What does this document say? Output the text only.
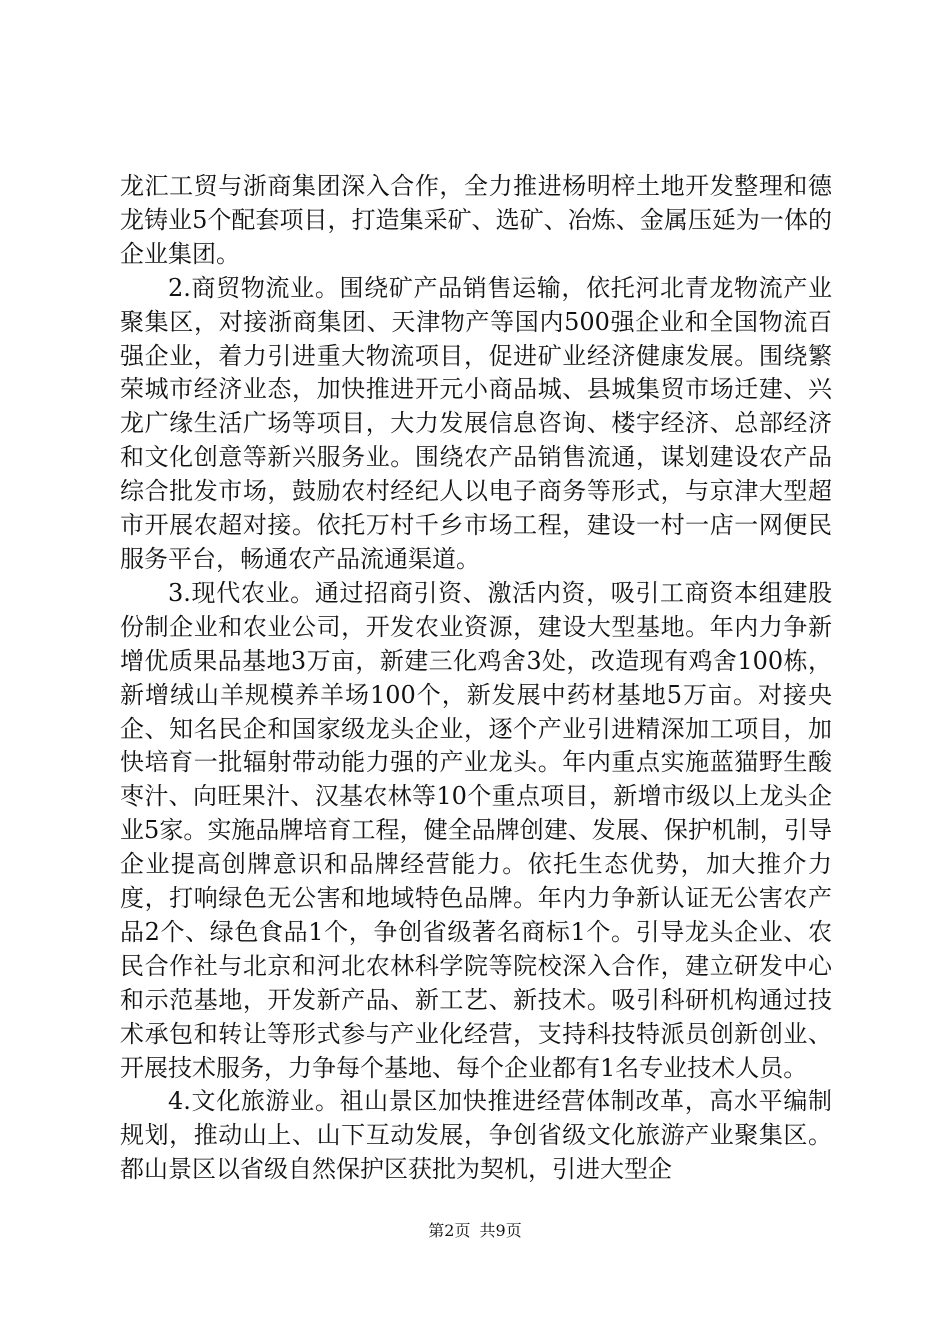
龙汇工贸与浙商集团深入合作，全力推进杨明梓土地开发整理和德龙铸业5个配套项目，打造集采矿、选矿、冶炼、金属压延为一体的企业集团。

2.商贸物流业。围绕矿产品销售运输，依托河北青龙物流产业聚集区，对接浙商集团、天津物产等国内500强企业和全国物流百强企业，着力引进重大物流项目，促进矿业经济健康发展。围绕繁荣城市经济业态，加快推进开元小商品城、县城集贸市场迁建、兴龙广缘生活广场等项目，大力发展信息咨询、楼宇经济、总部经济和文化创意等新兴服务业。围绕农产品销售流通，谋划建设农产品综合批发市场，鼓励农村经纪人以电子商务等形式，与京津大型超市开展农超对接。依托万村千乡市场工程，建设一村一店一网便民服务平台，畅通农产品流通渠道。

3.现代农业。通过招商引资、激活内资，吸引工商资本组建股份制企业和农业公司，开发农业资源，建设大型基地。年内力争新增优质果品基地3万亩，新建三化鸡舍3处，改造现有鸡舍100栋，新增绒山羊规模养羊场100个，新发展中药材基地5万亩。对接央企、知名民企和国家级龙头企业，逐个产业引进精深加工项目，加快培育一批辐射带动能力强的产业龙头。年内重点实施蓝猫野生酸枣汁、向旺果汁、汉基农林等10个重点项目，新增市级以上龙头企业5家。实施品牌培育工程，健全品牌创建、发展、保护机制，引导企业提高创牌意识和品牌经营能力。依托生态优势，加大推介力度，打响绿色无公害和地域特色品牌。年内力争新认证无公害农产品2个、绿色食品1个，争创省级著名商标1个。引导龙头企业、农民合作社与北京和河北农林科学院等院校深入合作，建立研发中心和示范基地，开发新产品、新工艺、新技术。吸引科研机构通过技术承包和转让等形式参与产业化经营，支持科技特派员创新创业、开展技术服务，力争每个基地、每个企业都有1名专业技术人员。

4.文化旅游业。祖山景区加快推进经营体制改革，高水平编制规划，推动山上、山下互动发展，争创省级文化旅游产业聚集区。都山景区以省级自然保护区获批为契机，引进大型企

第2页 共9页
